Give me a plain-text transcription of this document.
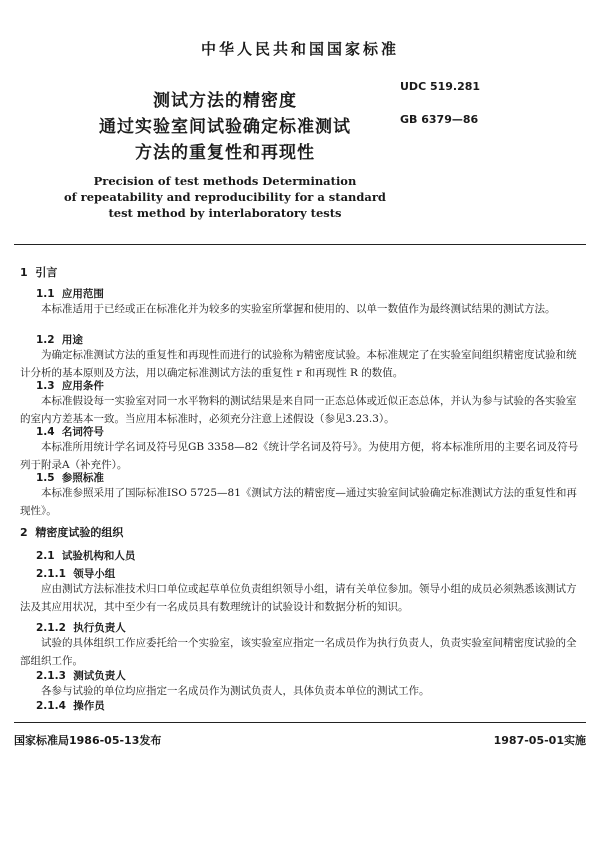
中华人民共和国国家标准
测试方法的精密度
通过实验室间试验确定标准测试
方法的重复性和再现性
UDC 519.281
GB 6379—86
Precision of test methods Determination
of repeatability and reproducibility for a standard
test method by interlaboratory tests
1 引言
1.1 应用范围
本标准适用于已经或正在标准化并为较多的实验室所掌握和使用的、以单一数值作为最终测试结果的测试方法。
1.2 用途
为确定标准测试方法的重复性和再现性而进行的试验称为精密度试验。本标准规定了在实验室间组织精密度试验和统计分析的基本原则及方法，用以确定标准测试方法的重复性 r 和再现性 R 的数值。
1.3 应用条件
本标准假设每一实验室对同一水平物料的测试结果是来自同一正态总体或近似正态总体，并认为参与试验的各实验室的室内方差基本一致。当应用本标准时，必须充分注意上述假设（参见3.23.3）。
1.4 名词符号
本标准所用统计学名词及符号见GB 3358—82《统计学名词及符号》。为使用方便，将本标准所用的主要名词及符号列于附录A（补充件）。
1.5 参照标准
本标准参照采用了国际标准ISO 5725—81《测试方法的精密度—通过实验室间试验确定标准测试方法的重复性和再现性》。
2 精密度试验的组织
2.1 试验机构和人员
2.1.1 领导小组
应由测试方法标准技术归口单位或起草单位负责组织领导小组，请有关单位参加。领导小组的成员必须熟悉该测试方法及其应用状况，其中至少有一名成员具有数理统计的试验设计和数据分析的知识。
2.1.2 执行负责人
试验的具体组织工作应委托给一个实验室，该实验室应指定一名成员作为执行负责人，负责实验室间精密度试验的全部组织工作。
2.1.3 测试负责人
各参与试验的单位均应指定一名成员作为测试负责人，具体负责本单位的测试工作。
2.1.4 操作员
国家标准局1986-05-13发布	1987-05-01实施
